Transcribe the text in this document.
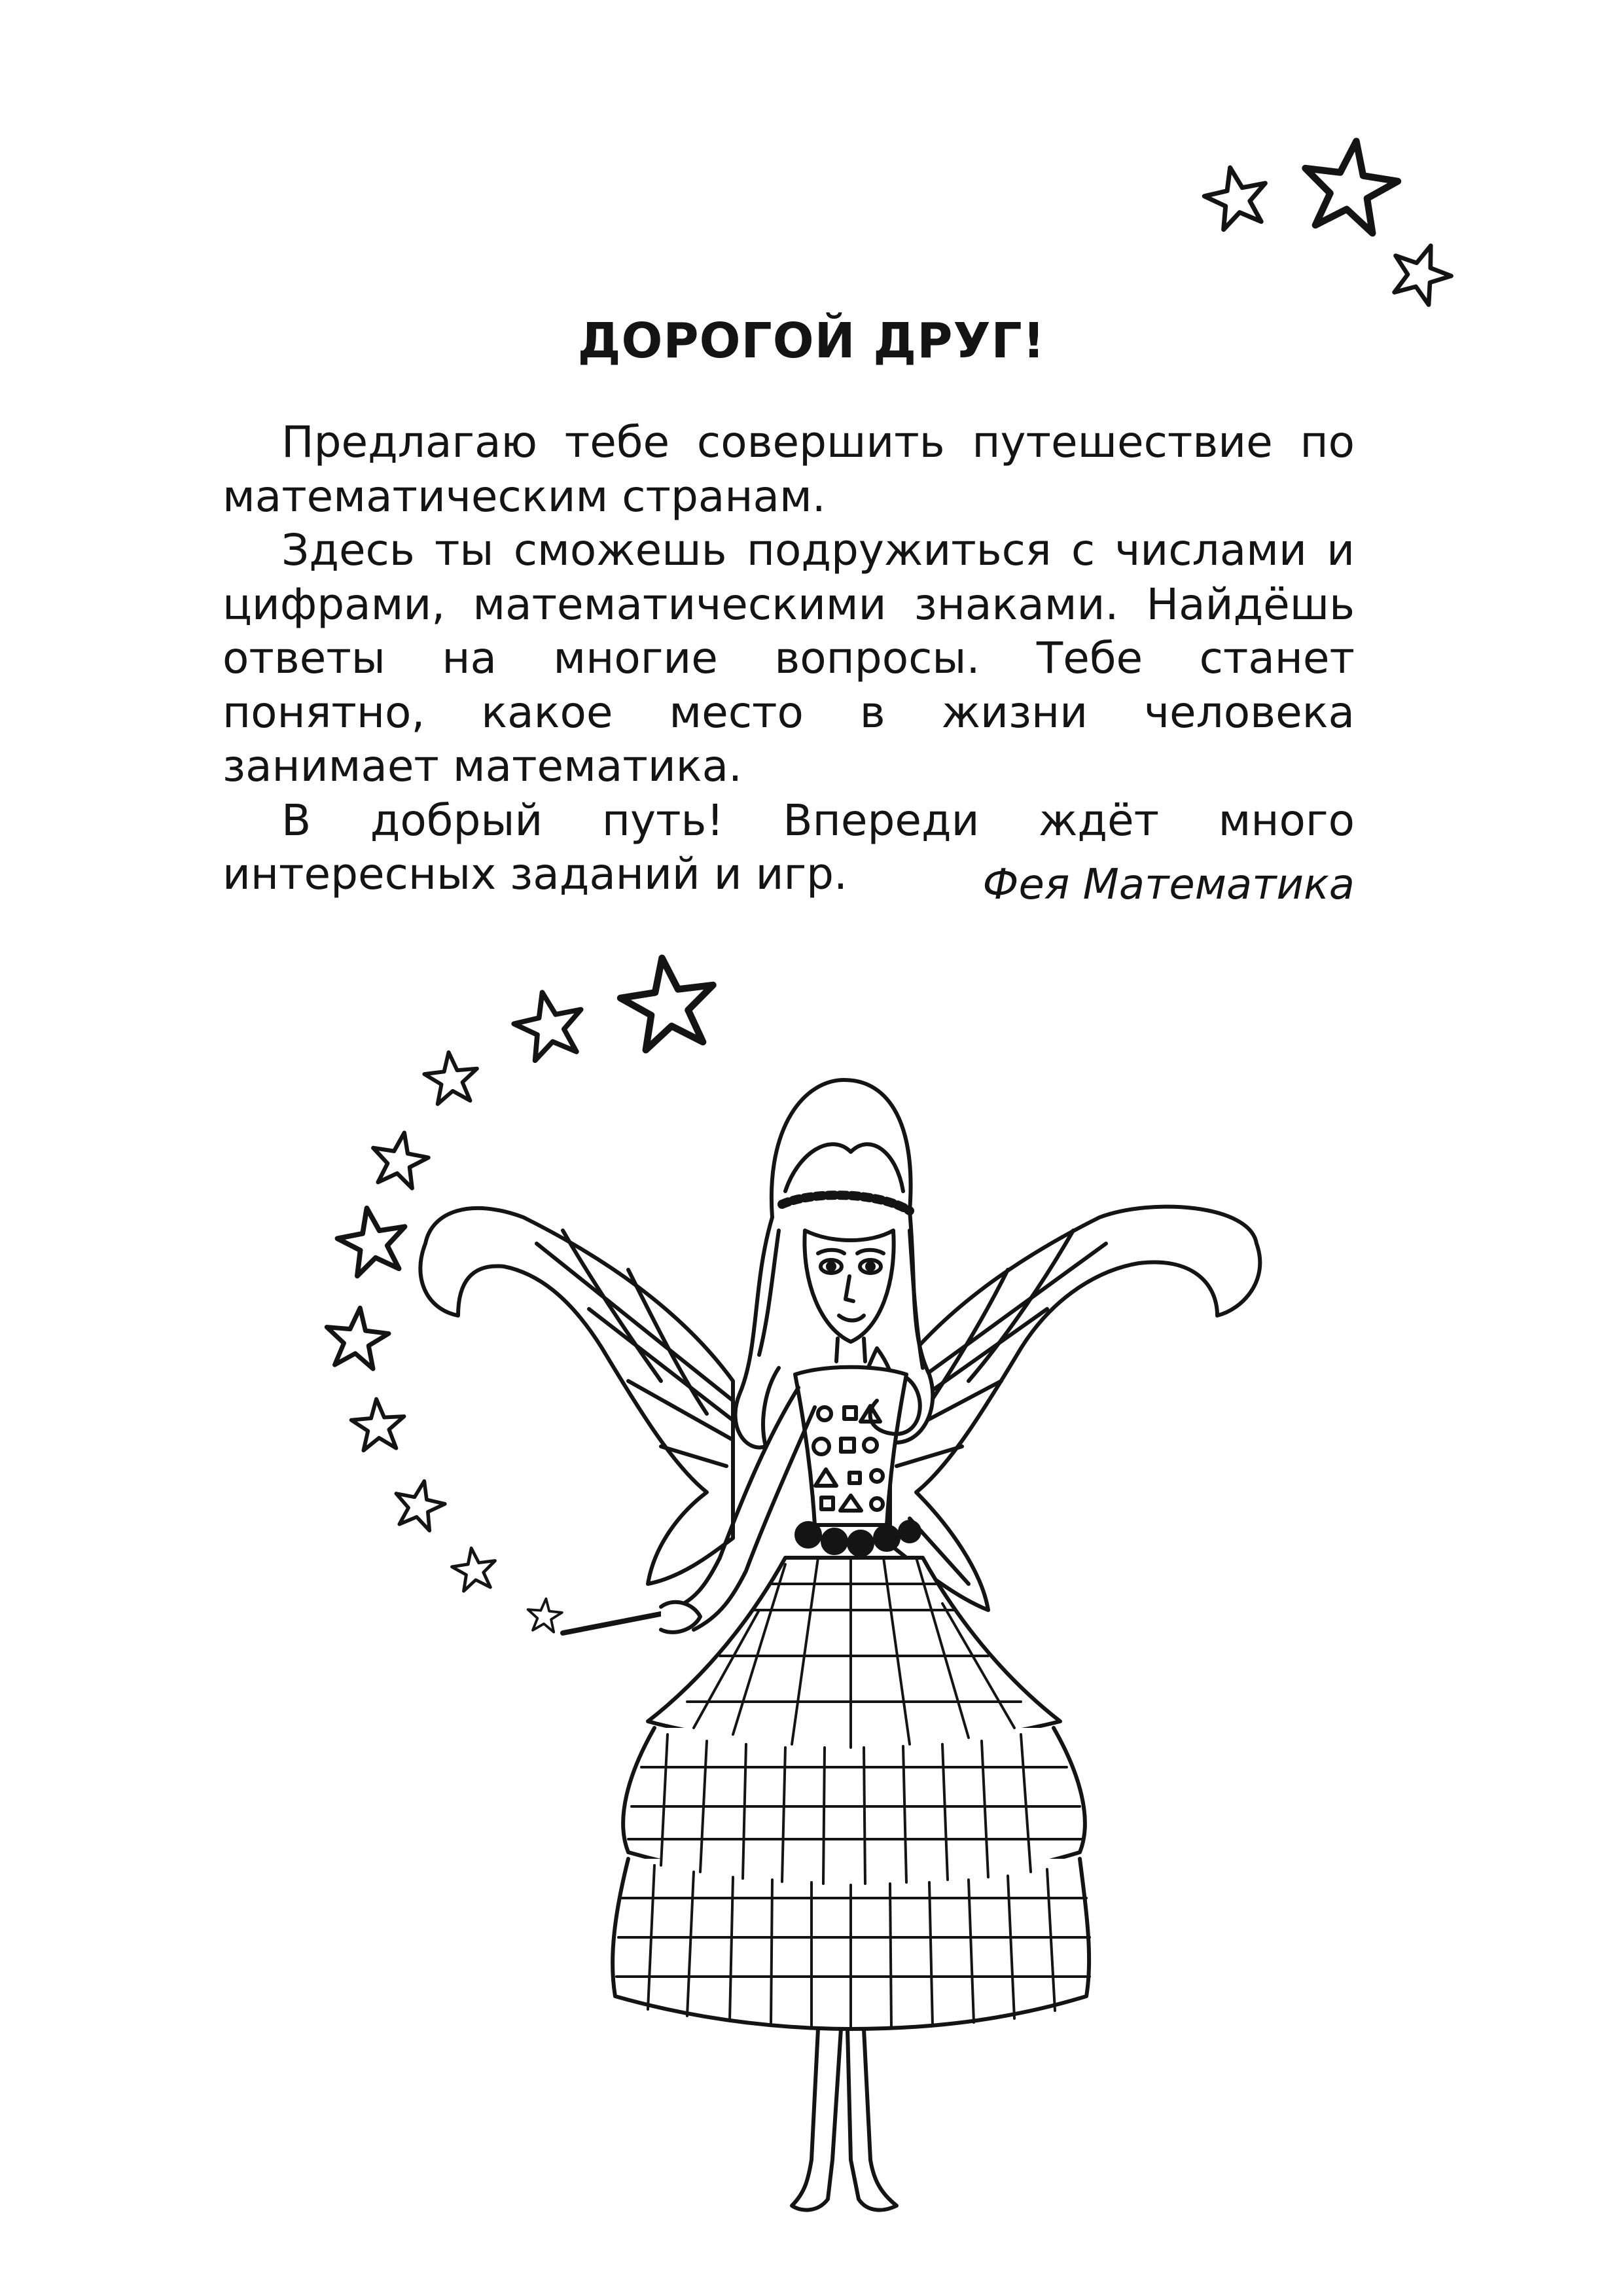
ДОРОГОЙ ДРУГ!

Предлагаю тебе совершить путешествие по математическим странам.

Здесь ты сможешь подружиться с числами и цифрами, математическими знаками. Найдёшь ответы на многие вопросы. Тебе станет понятно, какое место в жизни человека занимает математика.

В добрый путь! Впереди ждёт много интересных заданий и игр.	Фея Математика
